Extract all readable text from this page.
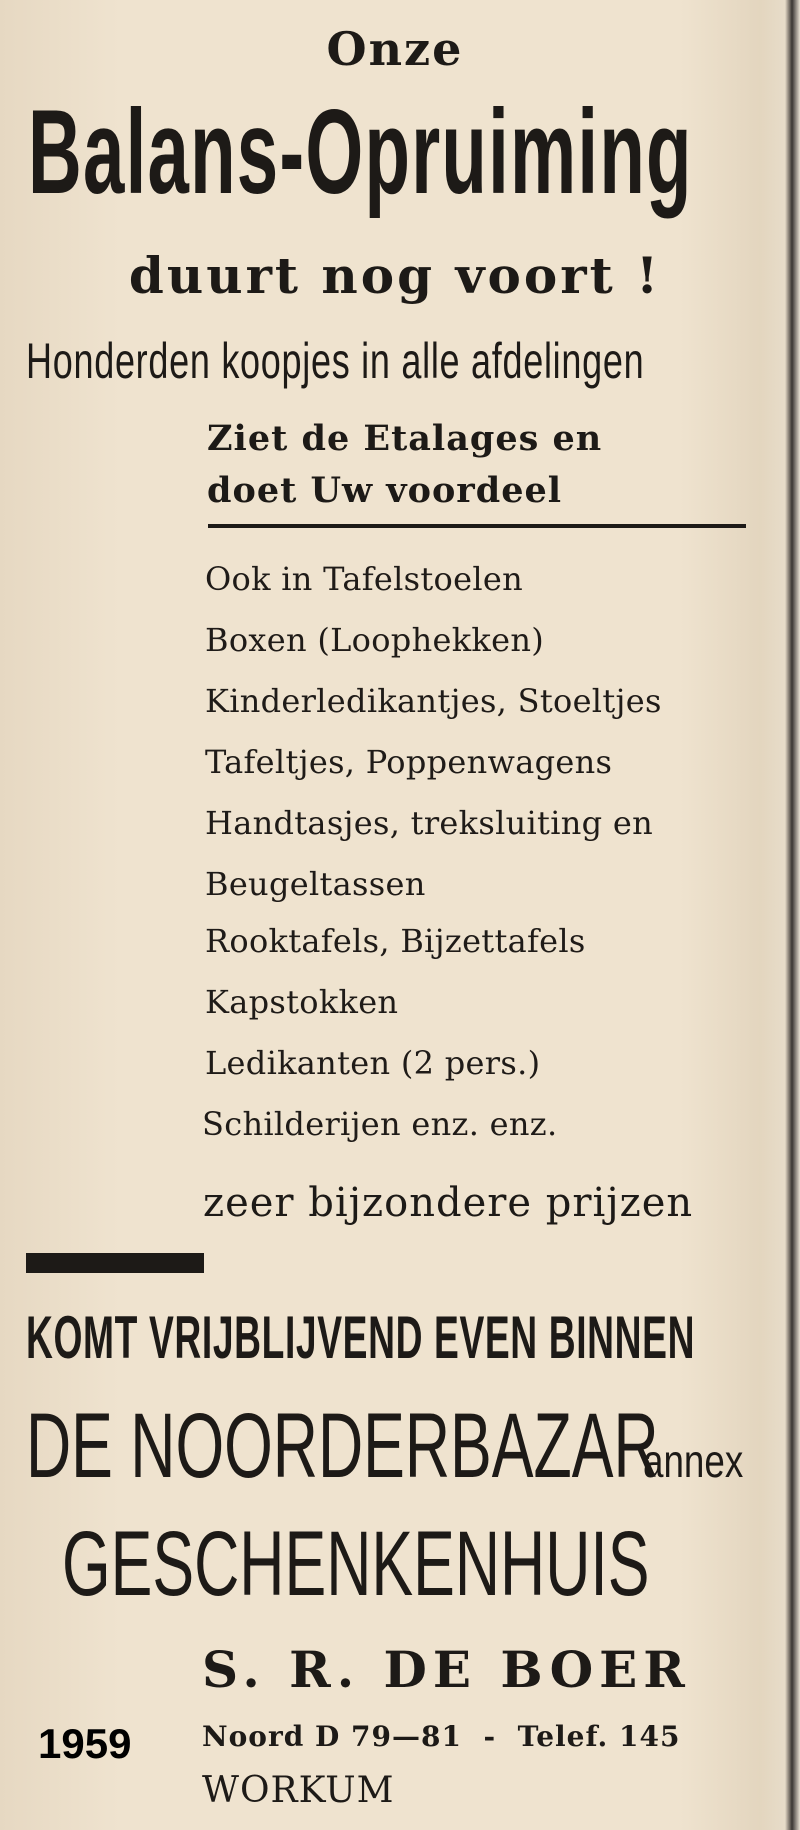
Onze
Balans-Opruiming
duurt nog voort !
Honderden koopjes in alle afdelingen
Ziet de Etalages en
doet Uw voordeel
Ook in Tafelstoelen
Boxen (Loophekken)
Kinderledikantjes, Stoeltjes
Tafeltjes, Poppenwagens
Handtasjes, treksluiting en
Beugeltassen
Rooktafels, Bijzettafels
Kapstokken
Ledikanten (2 pers.)
Schilderijen enz. enz.
zeer bijzondere prijzen
KOMT VRIJBLIJVEND EVEN BINNEN
DE NOORDERBAZAR
annex
GESCHENKENHUIS
S. R. DE BOER
1959	Noord D 79—81  -  Telef. 145
WORKUM
